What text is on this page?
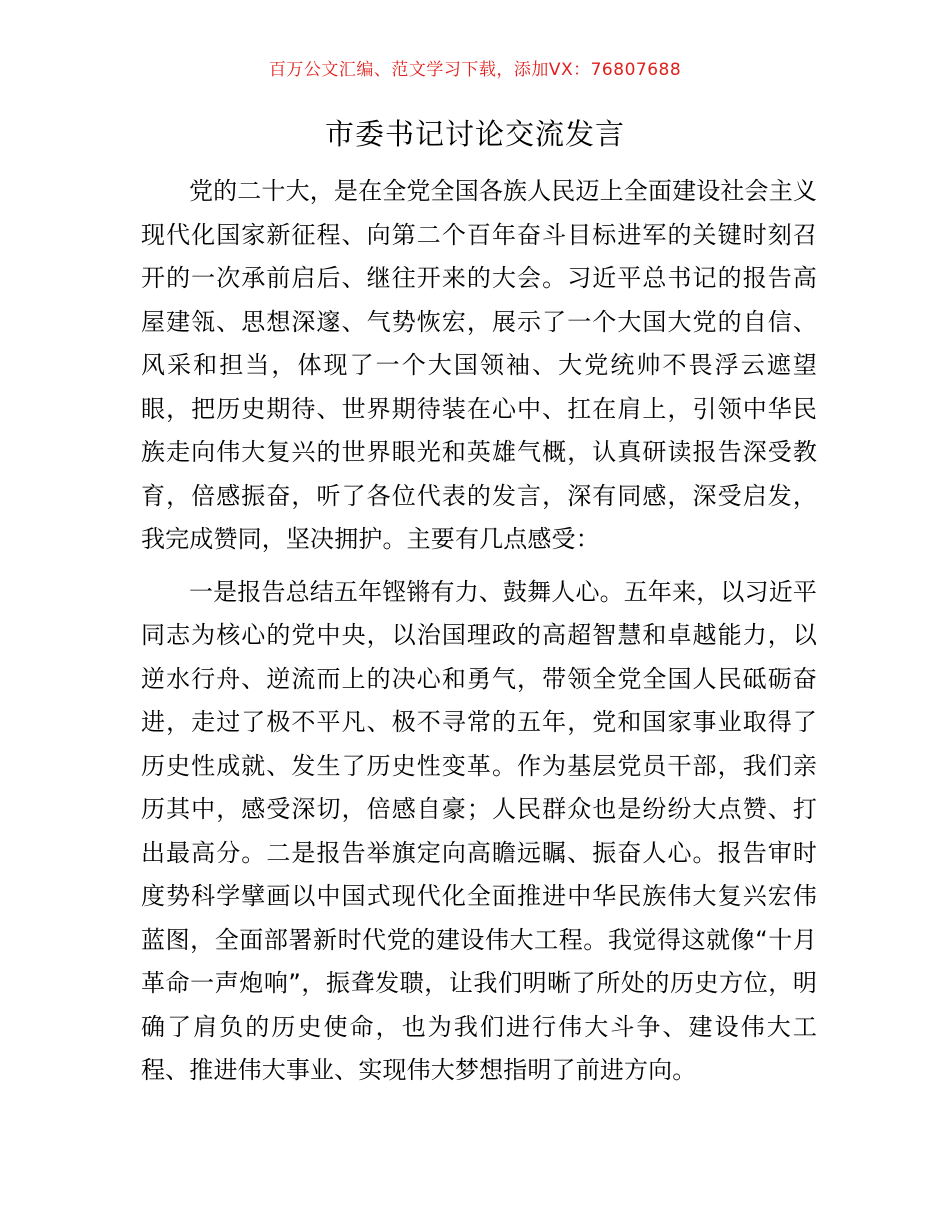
百万公文汇编、范文学习下载，添加VX：76807688
市委书记讨论交流发言

党的二十大，是在全党全国各族人民迈上全面建设社会主义现代化国家新征程、向第二个百年奋斗目标进军的关键时刻召开的一次承前启后、继往开来的大会。习近平总书记的报告高屋建瓴、思想深邃、气势恢宏，展示了一个大国大党的自信、风采和担当，体现了一个大国领袖、大党统帅不畏浮云遮望眼，把历史期待、世界期待装在心中、扛在肩上，引领中华民族走向伟大复兴的世界眼光和英雄气概，认真研读报告深受教育，倍感振奋，听了各位代表的发言，深有同感，深受启发，我完成赞同，坚决拥护。主要有几点感受：

一是报告总结五年铿锵有力、鼓舞人心。五年来，以习近平同志为核心的党中央，以治国理政的高超智慧和卓越能力，以逆水行舟、逆流而上的决心和勇气，带领全党全国人民砥砺奋进，走过了极不平凡、极不寻常的五年，党和国家事业取得了历史性成就、发生了历史性变革。作为基层党员干部，我们亲历其中，感受深切，倍感自豪；人民群众也是纷纷大点赞、打出最高分。二是报告举旗定向高瞻远瞩、振奋人心。报告审时度势科学擘画以中国式现代化全面推进中华民族伟大复兴宏伟蓝图，全面部署新时代党的建设伟大工程。我觉得这就像“十月革命一声炮响”，振聋发聩，让我们明晰了所处的历史方位，明确了肩负的历史使命，也为我们进行伟大斗争、建设伟大工程、推进伟大事业、实现伟大梦想指明了前进方向。
